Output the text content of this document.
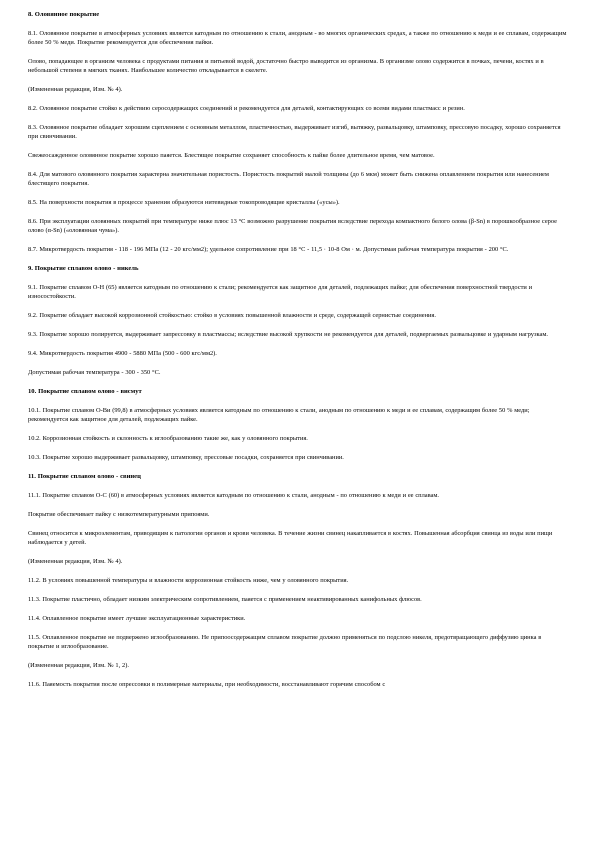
8. Оловянное покрытие

8.1. Оловянное покрытие в атмосферных условиях является катодным по отношению к стали, анодным - во многих органических средах, а также по отношению к меди и ее сплавам, содержащим более 50 % меди. Покрытие рекомендуется для обеспечения пайки.

Олово, попадающее в организм человека с продуктами питания и питьевой водой, достаточно быстро выводится из организма. В организме олово содержится в почках, печени, костях и в небольшой степени в мягких тканях. Наибольшее количество откладывается в скелете.

(Измененная редакция, Изм. № 4).

8.2. Оловянное покрытие стойко к действию серосодержащих соединений и рекомендуется для деталей, контактирующих со всеми видами пластмасс и резин.

8.3. Оловянное покрытие обладает хорошим сцеплением с основным металлом, пластичностью, выдерживает изгиб, вытяжку, развальцовку, штамповку, прессовую посадку, хорошо сохраняется при свинчивании.

Свежеосажденное оловянное покрытие хорошо паяется. Блестящее покрытие сохраняет способность к пайке более длительное время, чем матовое.

8.4. Для матового оловянного покрытия характерна значительная пористость. Пористость покрытий малой толщины (до 6 мкм) может быть снижена оплавлением покрытия или нанесением блестящего покрытия.

8.5. На поверхности покрытия в процессе хранения образуются нитевидные токопроводящие кристаллы («усы»).

8.6. При эксплуатации оловянных покрытий при температуре ниже плюс 13 °С возможно разрушение покрытия вследствие перехода компактного белого олова (β-Sn) в порошкообразное серое олово (α-Sn) («оловянная чума»).

8.7. Микротвердость покрытия - 118 - 196 МПа (12 - 20 кгс/мм2); удельное сопротивление при 18 °С - 11,5 · 10-8 Ом · м. Допустимая рабочая температура покрытия - 200 °С.

9. Покрытие сплавом олово - никель

9.1. Покрытие сплавом О-Н (65) является катодным по отношению к стали; рекомендуется как защитное для деталей, подлежащих пайке; для обеспечения поверхностной твердости и износостойкости.

9.2. Покрытие обладает высокой коррозионной стойкостью: стойко в условиях повышенной влажности и среде, содержащей сернистые соединения.

9.3. Покрытие хорошо полируется, выдерживает запрессовку в пластмассы; вследствие высокой хрупкости не рекомендуется для деталей, подвергаемых развальцовке и ударным нагрузкам.

9.4. Микротвердость покрытия 4900 - 5880 МПа (500 - 600 кгс/мм2).

Допустимая рабочая температура - 300 - 350 °С.

10. Покрытие сплавом олово - висмут

10.1. Покрытие сплавом О-Ви (99,8) в атмосферных условиях является катодным по отношению к стали, анодным по отношению к меди и ее сплавам, содержащим более 50 % меди; рекомендуется как защитное для деталей, подлежащих пайке.

10.2. Коррозионная стойкость и склонность к иглообразованию такие же, как у оловянного покрытия.

10.3. Покрытие хорошо выдерживает развальцовку, штамповку, прессовые посадки, сохраняется при свинчивании.

11. Покрытие сплавом олово - свинец

11.1. Покрытие сплавом О-С (60) в атмосферных условиях является катодным по отношению к стали, анодным - по отношению к меди и ее сплавам.

Покрытие обеспечивает пайку с низкотемпературными припоями.

Свинец относится к микроэлементам, приводящим к патологии органов и крови человека. В течение жизни свинец накапливается в костях. Повышенная абсорбция свинца из воды или пищи наблюдается у детей.

(Измененная редакция, Изм. № 4).

11.2. В условиях повышенной температуры и влажности коррозионная стойкость ниже, чем у оловянного покрытия.

11.3. Покрытие пластично, обладает низким электрическим сопротивлением, паяется с применением неактивированных канифольных флюсов.

11.4. Оплавленное покрытие имеет лучшие эксплуатационные характеристики.

11.5. Оплавленное покрытие не подвержено иглообразованию. Не припоосодержащим сплавом покрытие должно применяться по подслою никеля, предотвращающего диффузию цинка в покрытие и иглообразование.

(Измененная редакция, Изм. № 1, 2).

11.6. Паяемость покрытия после опрессовки в полимерные материалы, при необходимости, восстанавливают горячим способом с
